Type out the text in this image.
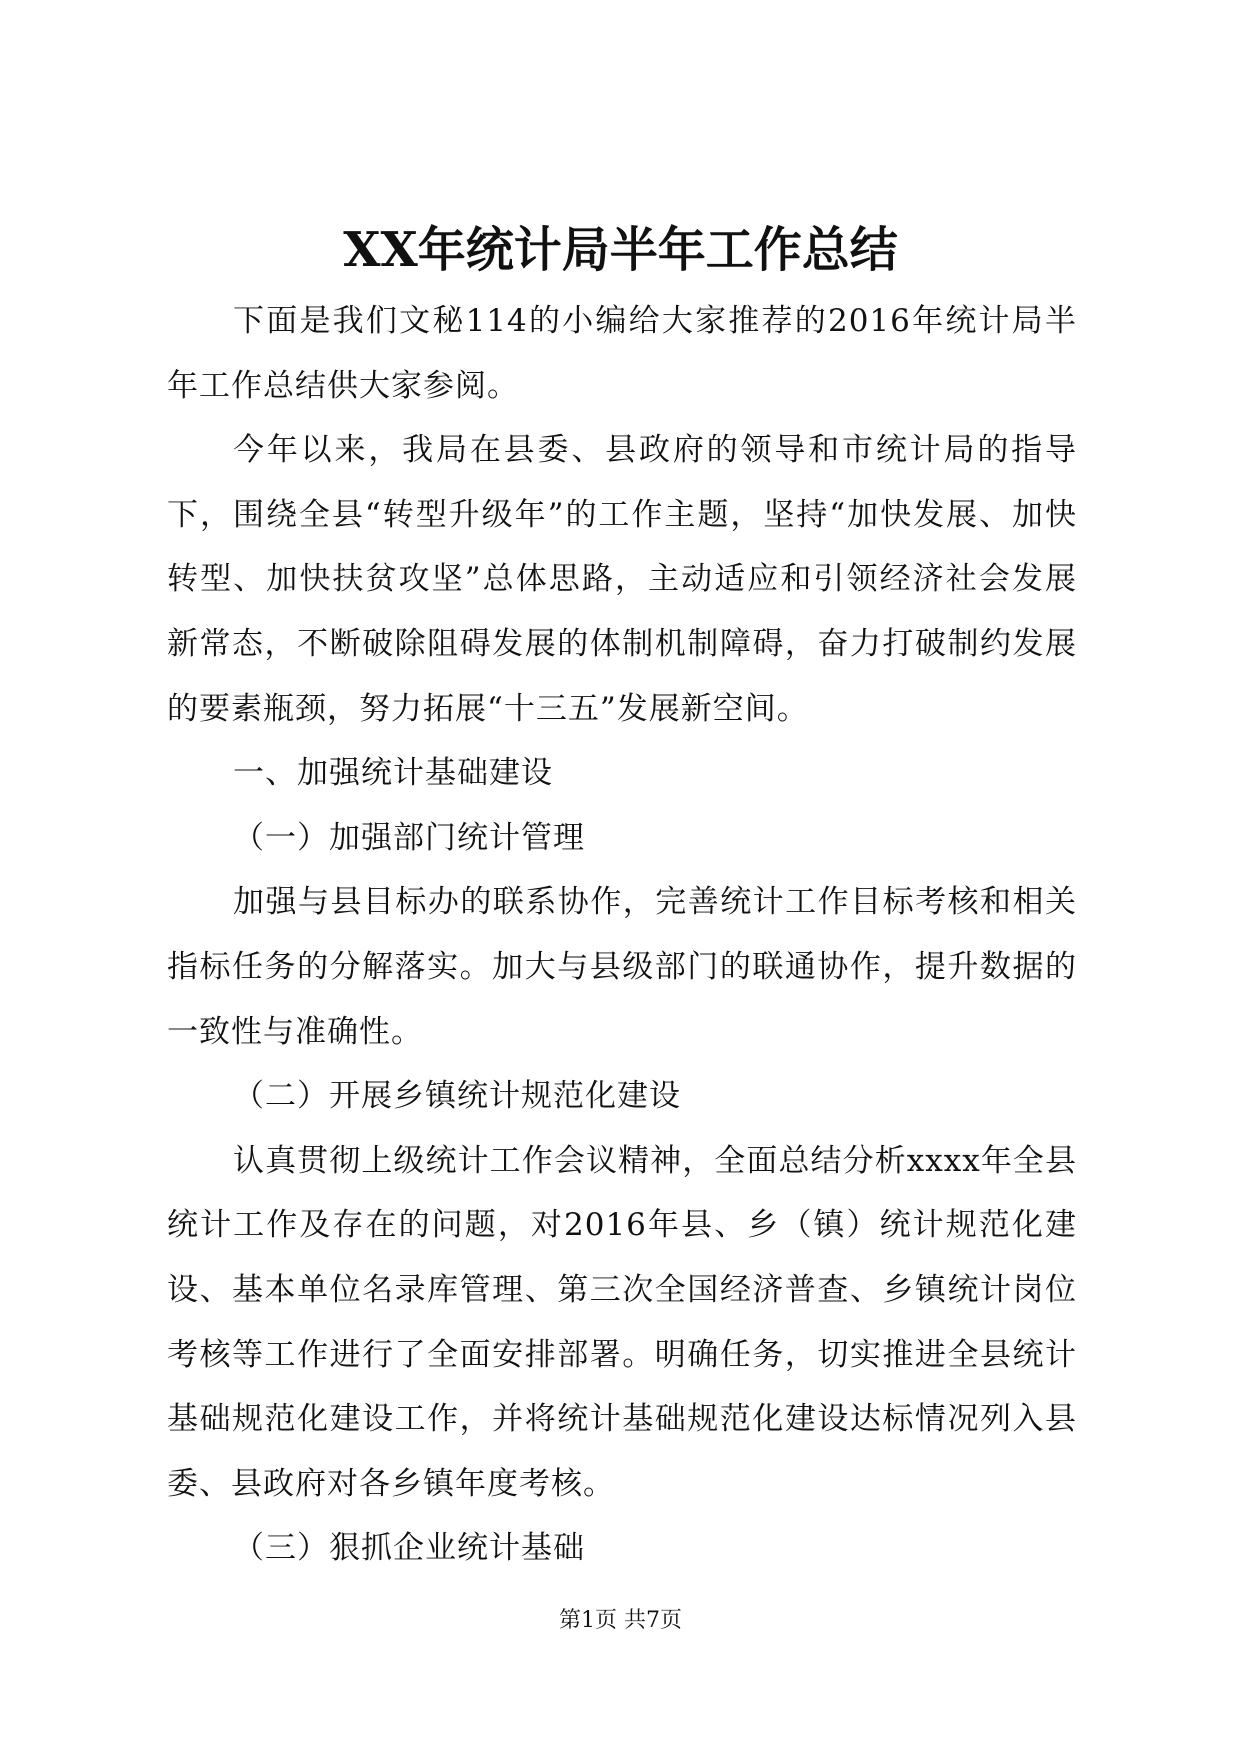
XX年统计局半年工作总结

下面是我们文秘114的小编给大家推荐的2016年统计局半年工作总结供大家参阅。

今年以来，我局在县委、县政府的领导和市统计局的指导下，围绕全县“转型升级年”的工作主题，坚持“加快发展、加快转型、加快扶贫攻坚”总体思路，主动适应和引领经济社会发展新常态，不断破除阻碍发展的体制机制障碍，奋力打破制约发展的要素瓶颈，努力拓展“十三五”发展新空间。

一、加强统计基础建设

（一）加强部门统计管理

加强与县目标办的联系协作，完善统计工作目标考核和相关指标任务的分解落实。加大与县级部门的联通协作，提升数据的一致性与准确性。

（二）开展乡镇统计规范化建设

认真贯彻上级统计工作会议精神，全面总结分析xxxx年全县统计工作及存在的问题，对2016年县、乡（镇）统计规范化建设、基本单位名录库管理、第三次全国经济普查、乡镇统计岗位考核等工作进行了全面安排部署。明确任务，切实推进全县统计基础规范化建设工作，并将统计基础规范化建设达标情况列入县委、县政府对各乡镇年度考核。

（三）狠抓企业统计基础

第1页 共7页
